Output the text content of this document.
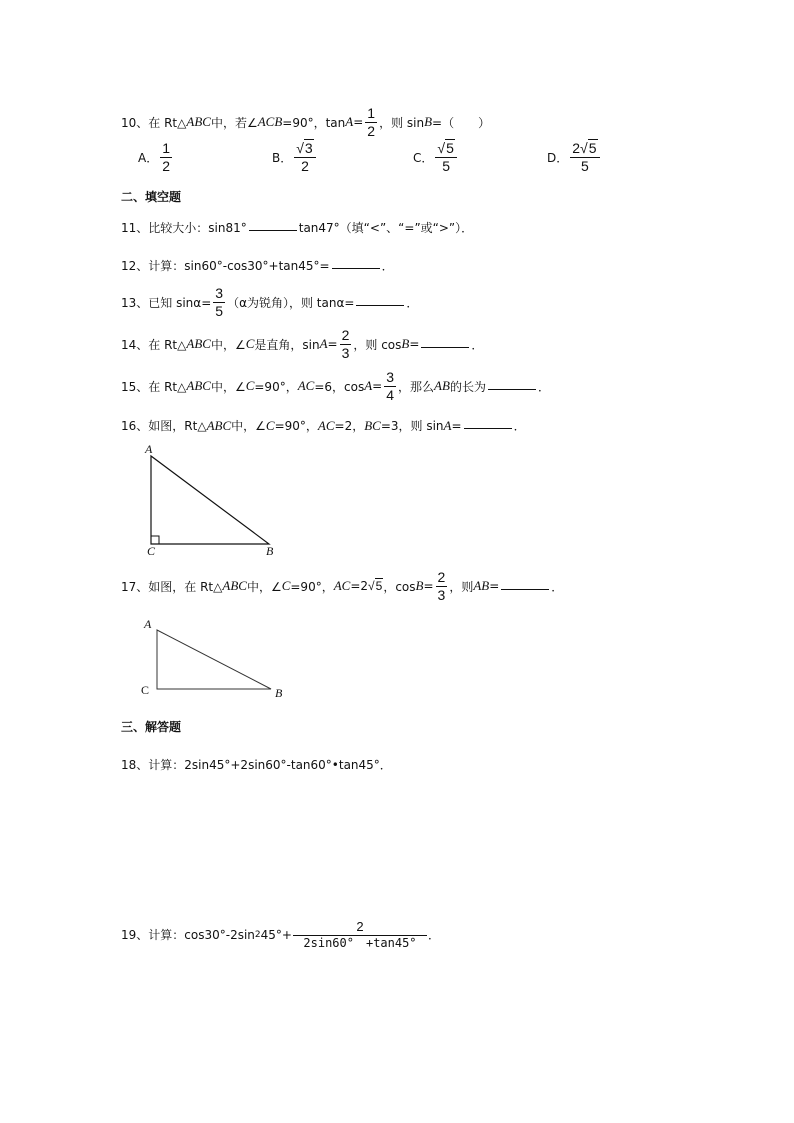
10、 在 Rt△ ABC 中，若∠ ACB =90°，$\tan A = \frac{1}{2}$ ，则 sin B =（　　）
A． $\frac{1}{2}$	B． $\frac{√3}{2}$	C． $\frac{√5}{5}$	D． $\frac{2√5}{5}$
二、填空题
11、 比较大小：sin81°	tan47°（填“<”、“=”或“>”）．
12、 计算：sin60°-cos30°+tan45°=	．
13、 已知 $\sin\alpha= \frac{3}{5} (\alpha$为锐角），则 tanα=	．
14、 在 Rt△ ABC 中，∠ C 是直角，$\sin A = \frac{2}{3}$ ，则 cos B =	．
15、 在 Rt△ ABC 中，∠ C =90°， AC =6，$\cos A = \frac{3}{4}$ ，那么 AB 的长为	．
16、 如图，Rt△ ABC 中，∠ C =90°， AC =2， BC =3，则 sin A =	．
A
C	B
17、 如图，在 Rt△ ABC 中，∠ C =90°， AC =2 √5 ，$\cos B = \frac{2}{3}$ ，则 AB =	．
A
C	B
三、解答题
18、 计算：2sin45°+2sin60°-tan60°•tan45°．
19、 计算：cos30°-2sin 2 $45^\circ+ \frac{2}{2\sin 60^\circ +\tan 45^\circ}$ ．
